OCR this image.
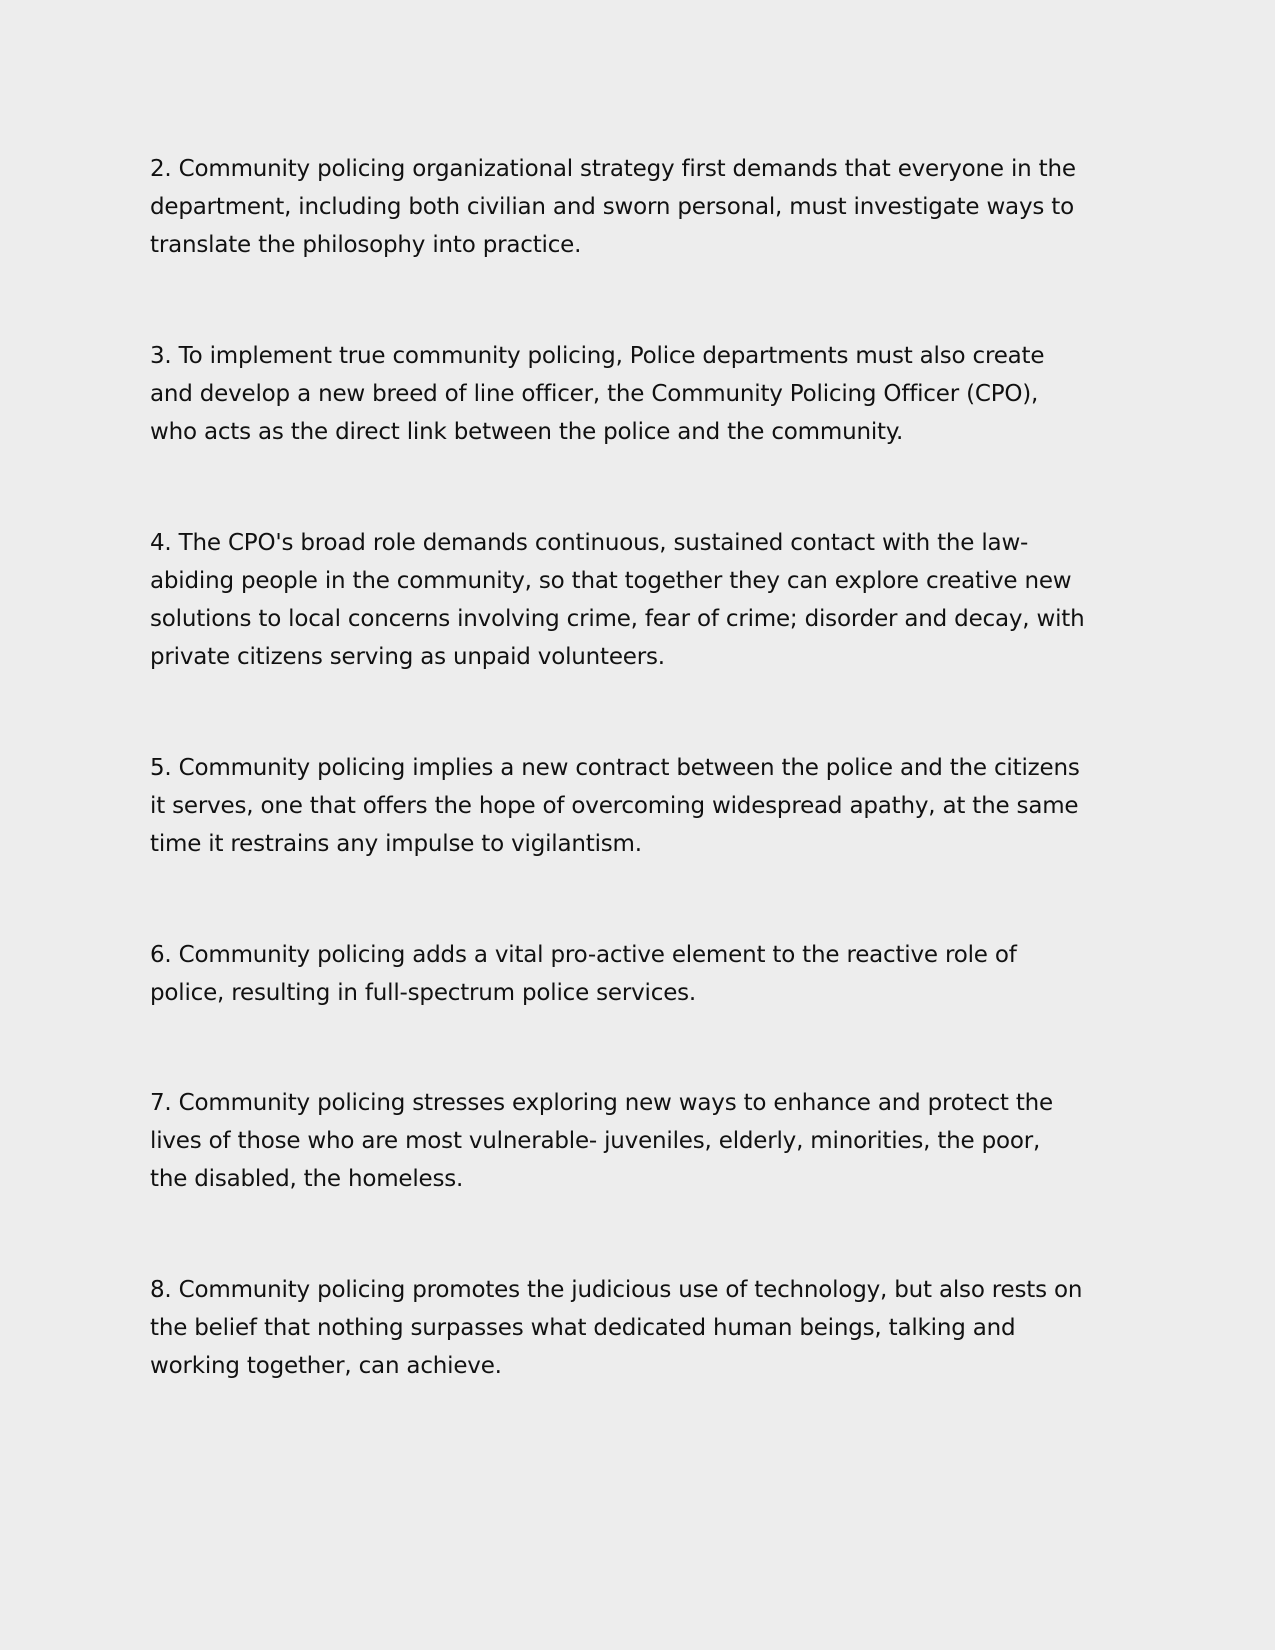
2. Community policing organizational strategy first demands that everyone in the
department, including both civilian and sworn personal, must investigate ways to
translate the philosophy into practice.

3. To implement true community policing, Police departments must also create
and develop a new breed of line officer, the Community Policing Officer (CPO),
who acts as the direct link between the police and the community.

4. The CPO's broad role demands continuous, sustained contact with the law-
abiding people in the community, so that together they can explore creative new
solutions to local concerns involving crime, fear of crime; disorder and decay, with
private citizens serving as unpaid volunteers.

5. Community policing implies a new contract between the police and the citizens
it serves, one that offers the hope of overcoming widespread apathy, at the same
time it restrains any impulse to vigilantism.

6. Community policing adds a vital pro-active element to the reactive role of
police, resulting in full-spectrum police services.

7. Community policing stresses exploring new ways to enhance and protect the
lives of those who are most vulnerable- juveniles, elderly, minorities, the poor,
the disabled, the homeless.

8. Community policing promotes the judicious use of technology, but also rests on
the belief that nothing surpasses what dedicated human beings, talking and
working together, can achieve.
